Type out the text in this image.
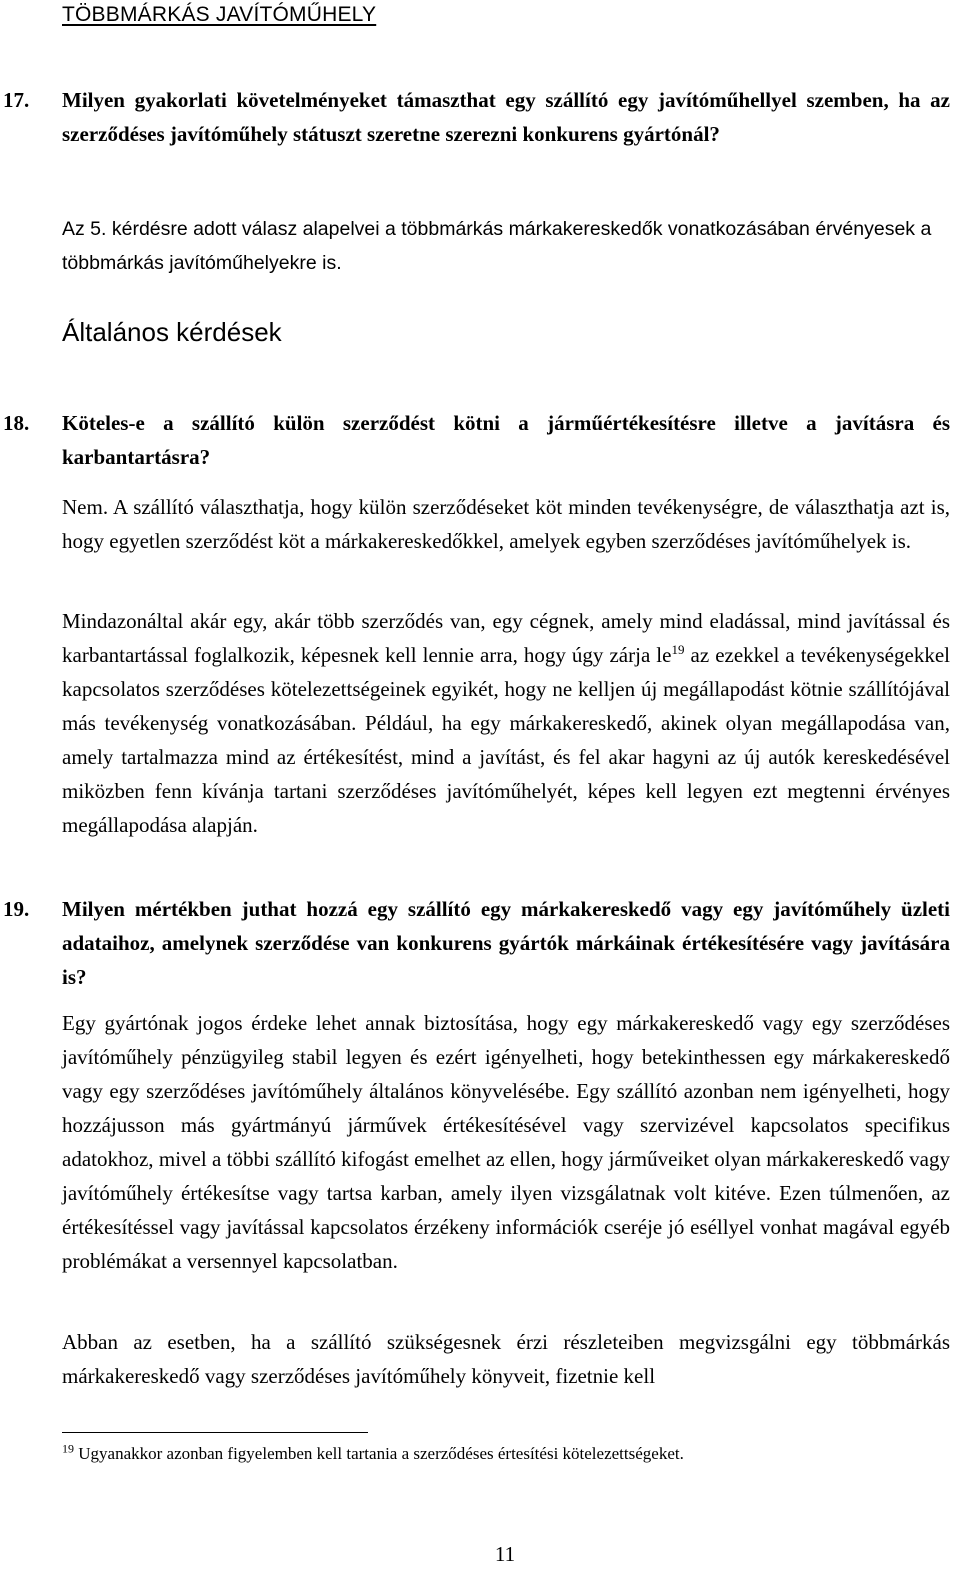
TÖBBMÁRKÁS JAVÍTÓMŰHELY
17. Milyen gyakorlati követelményeket támaszthat egy szállító egy javítóműhellyel szemben, ha az szerződéses javítóműhely státuszt szeretne szerezni konkurens gyártónál?
Az 5. kérdésre adott válasz alapelvei a többmárkás márkakereskedők vonatkozásában érvényesek a többmárkás javítóműhelyekre is.
Általános kérdések
18. Köteles-e a szállító külön szerződést kötni a járműértékesítésre illetve a javításra és karbantartásra?
Nem. A szállító választhatja, hogy külön szerződéseket köt minden tevékenységre, de választhatja azt is, hogy egyetlen szerződést köt a márkakereskedőkkel, amelyek egyben szerződéses javítóműhelyek is.
Mindazonáltal akár egy, akár több szerződés van, egy cégnek, amely mind eladással, mind javítással és karbantartással foglalkozik, képesnek kell lennie arra, hogy úgy zárja $le^{19}$ az ezekkel a tevékenységekkel kapcsolatos szerződéses kötelezettségeinek egyikét, hogy ne kelljen új megállapodást kötnie szállítójával más tevékenység vonatkozásában. Például, ha egy márkakereskedő, akinek olyan megállapodása van, amely tartalmazza mind az értékesítést, mind a javítást, és fel akar hagyni az új autók kereskedésével miközben fenn kívánja tartani szerződéses javítóműhelyét, képes kell legyen ezt megtenni érvényes megállapodása alapján.
19. Milyen mértékben juthat hozzá egy szállító egy márkakereskedő vagy egy javítóműhely üzleti adataihoz, amelynek szerződése van konkurens gyártók márkáinak értékesítésére vagy javítására is?
Egy gyártónak jogos érdeke lehet annak biztosítása, hogy egy márkakereskedő vagy egy szerződéses javítóműhely pénzügyileg stabil legyen és ezért igényelheti, hogy betekinthessen egy márkakereskedő vagy egy szerződéses javítóműhely általános könyvelésébe. Egy szállító azonban nem igényelheti, hogy hozzájusson más gyártmányú járművek értékesítésével vagy szervizével kapcsolatos specifikus adatokhoz, mivel a többi szállító kifogást emelhet az ellen, hogy járműveiket olyan márkakereskedő vagy javítóműhely értékesítse vagy tartsa karban, amely ilyen vizsgálatnak volt kitéve. Ezen túlmenően, az értékesítéssel vagy javítással kapcsolatos érzékeny információk cseréje jó eséllyel vonhat magával egyéb problémákat a versennyel kapcsolatban.
Abban az esetben, ha a szállító szükségesnek érzi részleteiben megvizsgálni egy többmárkás márkakereskedő vagy szerződéses javítóműhely könyveit, fizetnie kell
$^{19}$ Ugyanakkor azonban figyelemben kell tartania a szerződéses értesítési kötelezettségeket.
11
